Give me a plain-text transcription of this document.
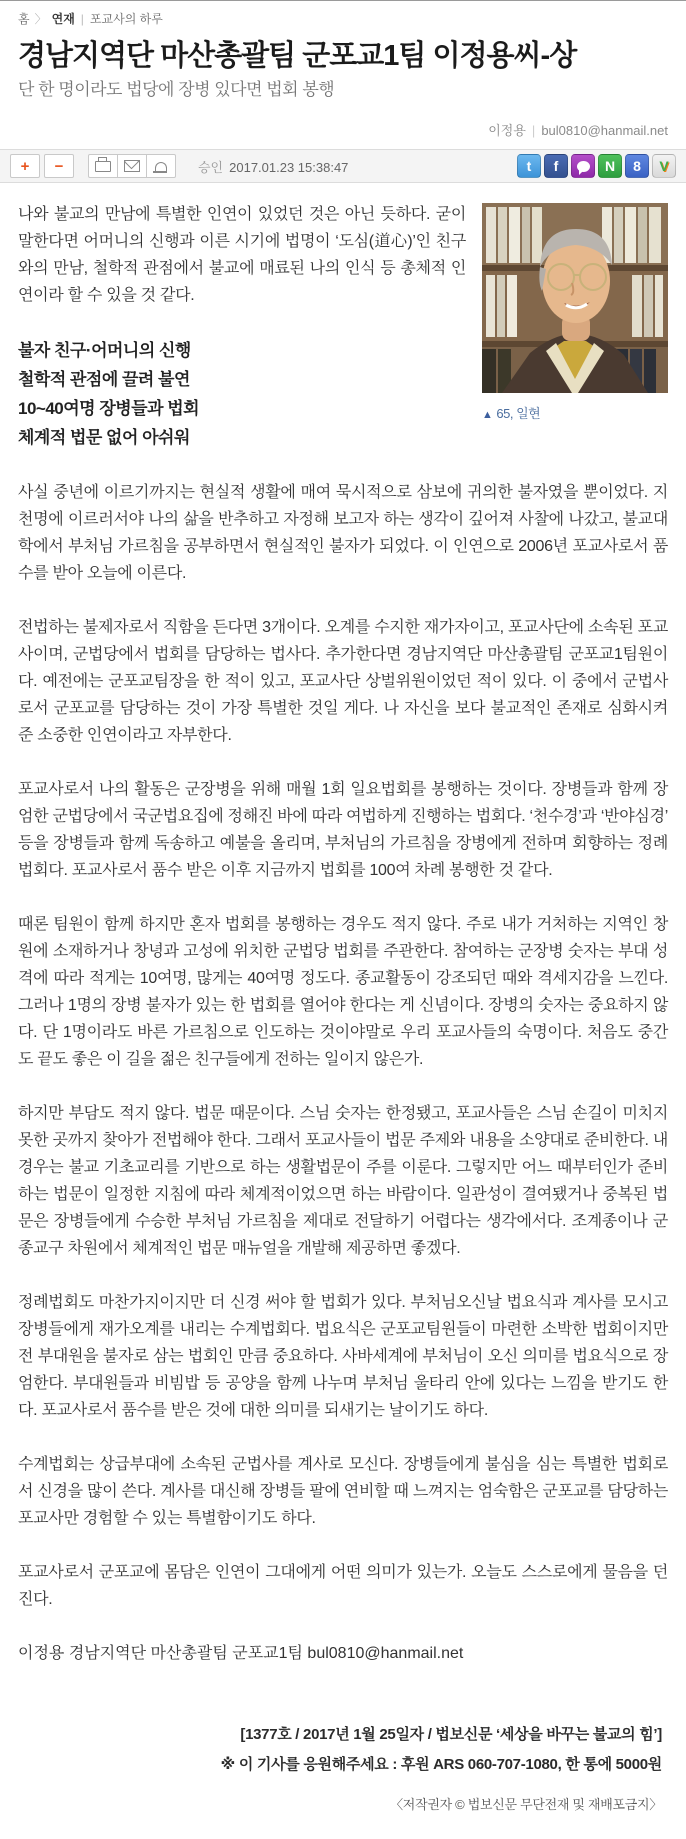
홈 〉 연재 | 포교사의 하루
경남지역단 마산총괄팀 군포교1팀 이정용씨-상
단 한 명이라도 법당에 장병 있다면 법회 봉행
이정용 | bul0810@hanmail.net
+	−	승인 2017.01.23 15:38:47	t	f	N	8	V
▲ 65, 일현

나와 불교의 만남에 특별한 인연이 있었던 것은 아닌 듯하다. 굳이 말한다면 어머니의 신행과 이른 시기에 법명이 ‘도심(道心)’인 친구와의 만남, 철학적 관점에서 불교에 매료된 나의 인식 등 총체적 인연이라 할 수 있을 것 같다.

불자 친구·어머니의 신행
철학적 관점에 끌려 불연
10~40여명 장병들과 법회
체계적 법문 없어 아쉬워

사실 중년에 이르기까지는 현실적 생활에 매여 묵시적으로 삼보에 귀의한 불자였을 뿐이었다. 지천명에 이르러서야 나의 삶을 반추하고 자정해 보고자 하는 생각이 깊어져 사찰에 나갔고, 불교대학에서 부처님 가르침을 공부하면서 현실적인 불자가 되었다. 이 인연으로 2006년 포교사로서 품수를 받아 오늘에 이른다.

전법하는 불제자로서 직함을 든다면 3개이다. 오계를 수지한 재가자이고, 포교사단에 소속된 포교사이며, 군법당에서 법회를 담당하는 법사다. 추가한다면 경남지역단 마산총괄팀 군포교1팀원이다. 예전에는 군포교팀장을 한 적이 있고, 포교사단 상벌위원이었던 적이 있다. 이 중에서 군법사로서 군포교를 담당하는 것이 가장 특별한 것일 게다. 나 자신을 보다 불교적인 존재로 심화시켜 준 소중한 인연이라고 자부한다.

포교사로서 나의 활동은 군장병을 위해 매월 1회 일요법회를 봉행하는 것이다. 장병들과 함께 장엄한 군법당에서 국군법요집에 정해진 바에 따라 여법하게 진행하는 법회다. ‘천수경’과 ‘반야심경’ 등을 장병들과 함께 독송하고 예불을 올리며, 부처님의 가르침을 장병에게 전하며 회향하는 정례법회다. 포교사로서 품수 받은 이후 지금까지 법회를 100여 차례 봉행한 것 같다.

때론 팀원이 함께 하지만 혼자 법회를 봉행하는 경우도 적지 않다. 주로 내가 거처하는 지역인 창원에 소재하거나 창녕과 고성에 위치한 군법당 법회를 주관한다. 참여하는 군장병 숫자는 부대 성격에 따라 적게는 10여명, 많게는 40여명 정도다. 종교활동이 강조되던 때와 격세지감을 느낀다. 그러나 1명의 장병 불자가 있는 한 법회를 열어야 한다는 게 신념이다. 장병의 숫자는 중요하지 않다. 단 1명이라도 바른 가르침으로 인도하는 것이야말로 우리 포교사들의 숙명이다. 처음도 중간도 끝도 좋은 이 길을 젊은 친구들에게 전하는 일이지 않은가.

하지만 부담도 적지 않다. 법문 때문이다. 스님 숫자는 한정됐고, 포교사들은 스님 손길이 미치지 못한 곳까지 찾아가 전법해야 한다. 그래서 포교사들이 법문 주제와 내용을 소양대로 준비한다. 내 경우는 불교 기초교리를 기반으로 하는 생활법문이 주를 이룬다. 그렇지만 어느 때부터인가 준비하는 법문이 일정한 지침에 따라 체계적이었으면 하는 바람이다. 일관성이 결여됐거나 중복된 법문은 장병들에게 수승한 부처님 가르침을 제대로 전달하기 어렵다는 생각에서다. 조계종이나 군종교구 차원에서 체계적인 법문 매뉴얼을 개발해 제공하면 좋겠다.

정례법회도 마찬가지이지만 더 신경 써야 할 법회가 있다. 부처님오신날 법요식과 계사를 모시고 장병들에게 재가오계를 내리는 수계법회다. 법요식은 군포교팀원들이 마련한 소박한 법회이지만 전 부대원을 불자로 삼는 법회인 만큼 중요하다. 사바세계에 부처님이 오신 의미를 법요식으로 장엄한다. 부대원들과 비빔밥 등 공양을 함께 나누며 부처님 울타리 안에 있다는 느낌을 받기도 한다. 포교사로서 품수를 받은 것에 대한 의미를 되새기는 날이기도 하다.

수계법회는 상급부대에 소속된 군법사를 계사로 모신다. 장병들에게 불심을 심는 특별한 법회로서 신경을 많이 쓴다. 계사를 대신해 장병들 팔에 연비할 때 느껴지는 엄숙함은 군포교를 담당하는 포교사만 경험할 수 있는 특별함이기도 하다.

포교사로서 군포교에 몸담은 인연이 그대에게 어떤 의미가 있는가. 오늘도 스스로에게 물음을 던진다.

이정용 경남지역단 마산총괄팀 군포교1팀 bul0810@hanmail.net
[1377호 / 2017년 1월 25일자 / 법보신문 ‘세상을 바꾸는 불교의 힘’]
※ 이 기사를 응원해주세요 : 후원 ARS 060-707-1080, 한 통에 5000원
〈저작권자 © 법보신문 무단전재 및 재배포금지〉
